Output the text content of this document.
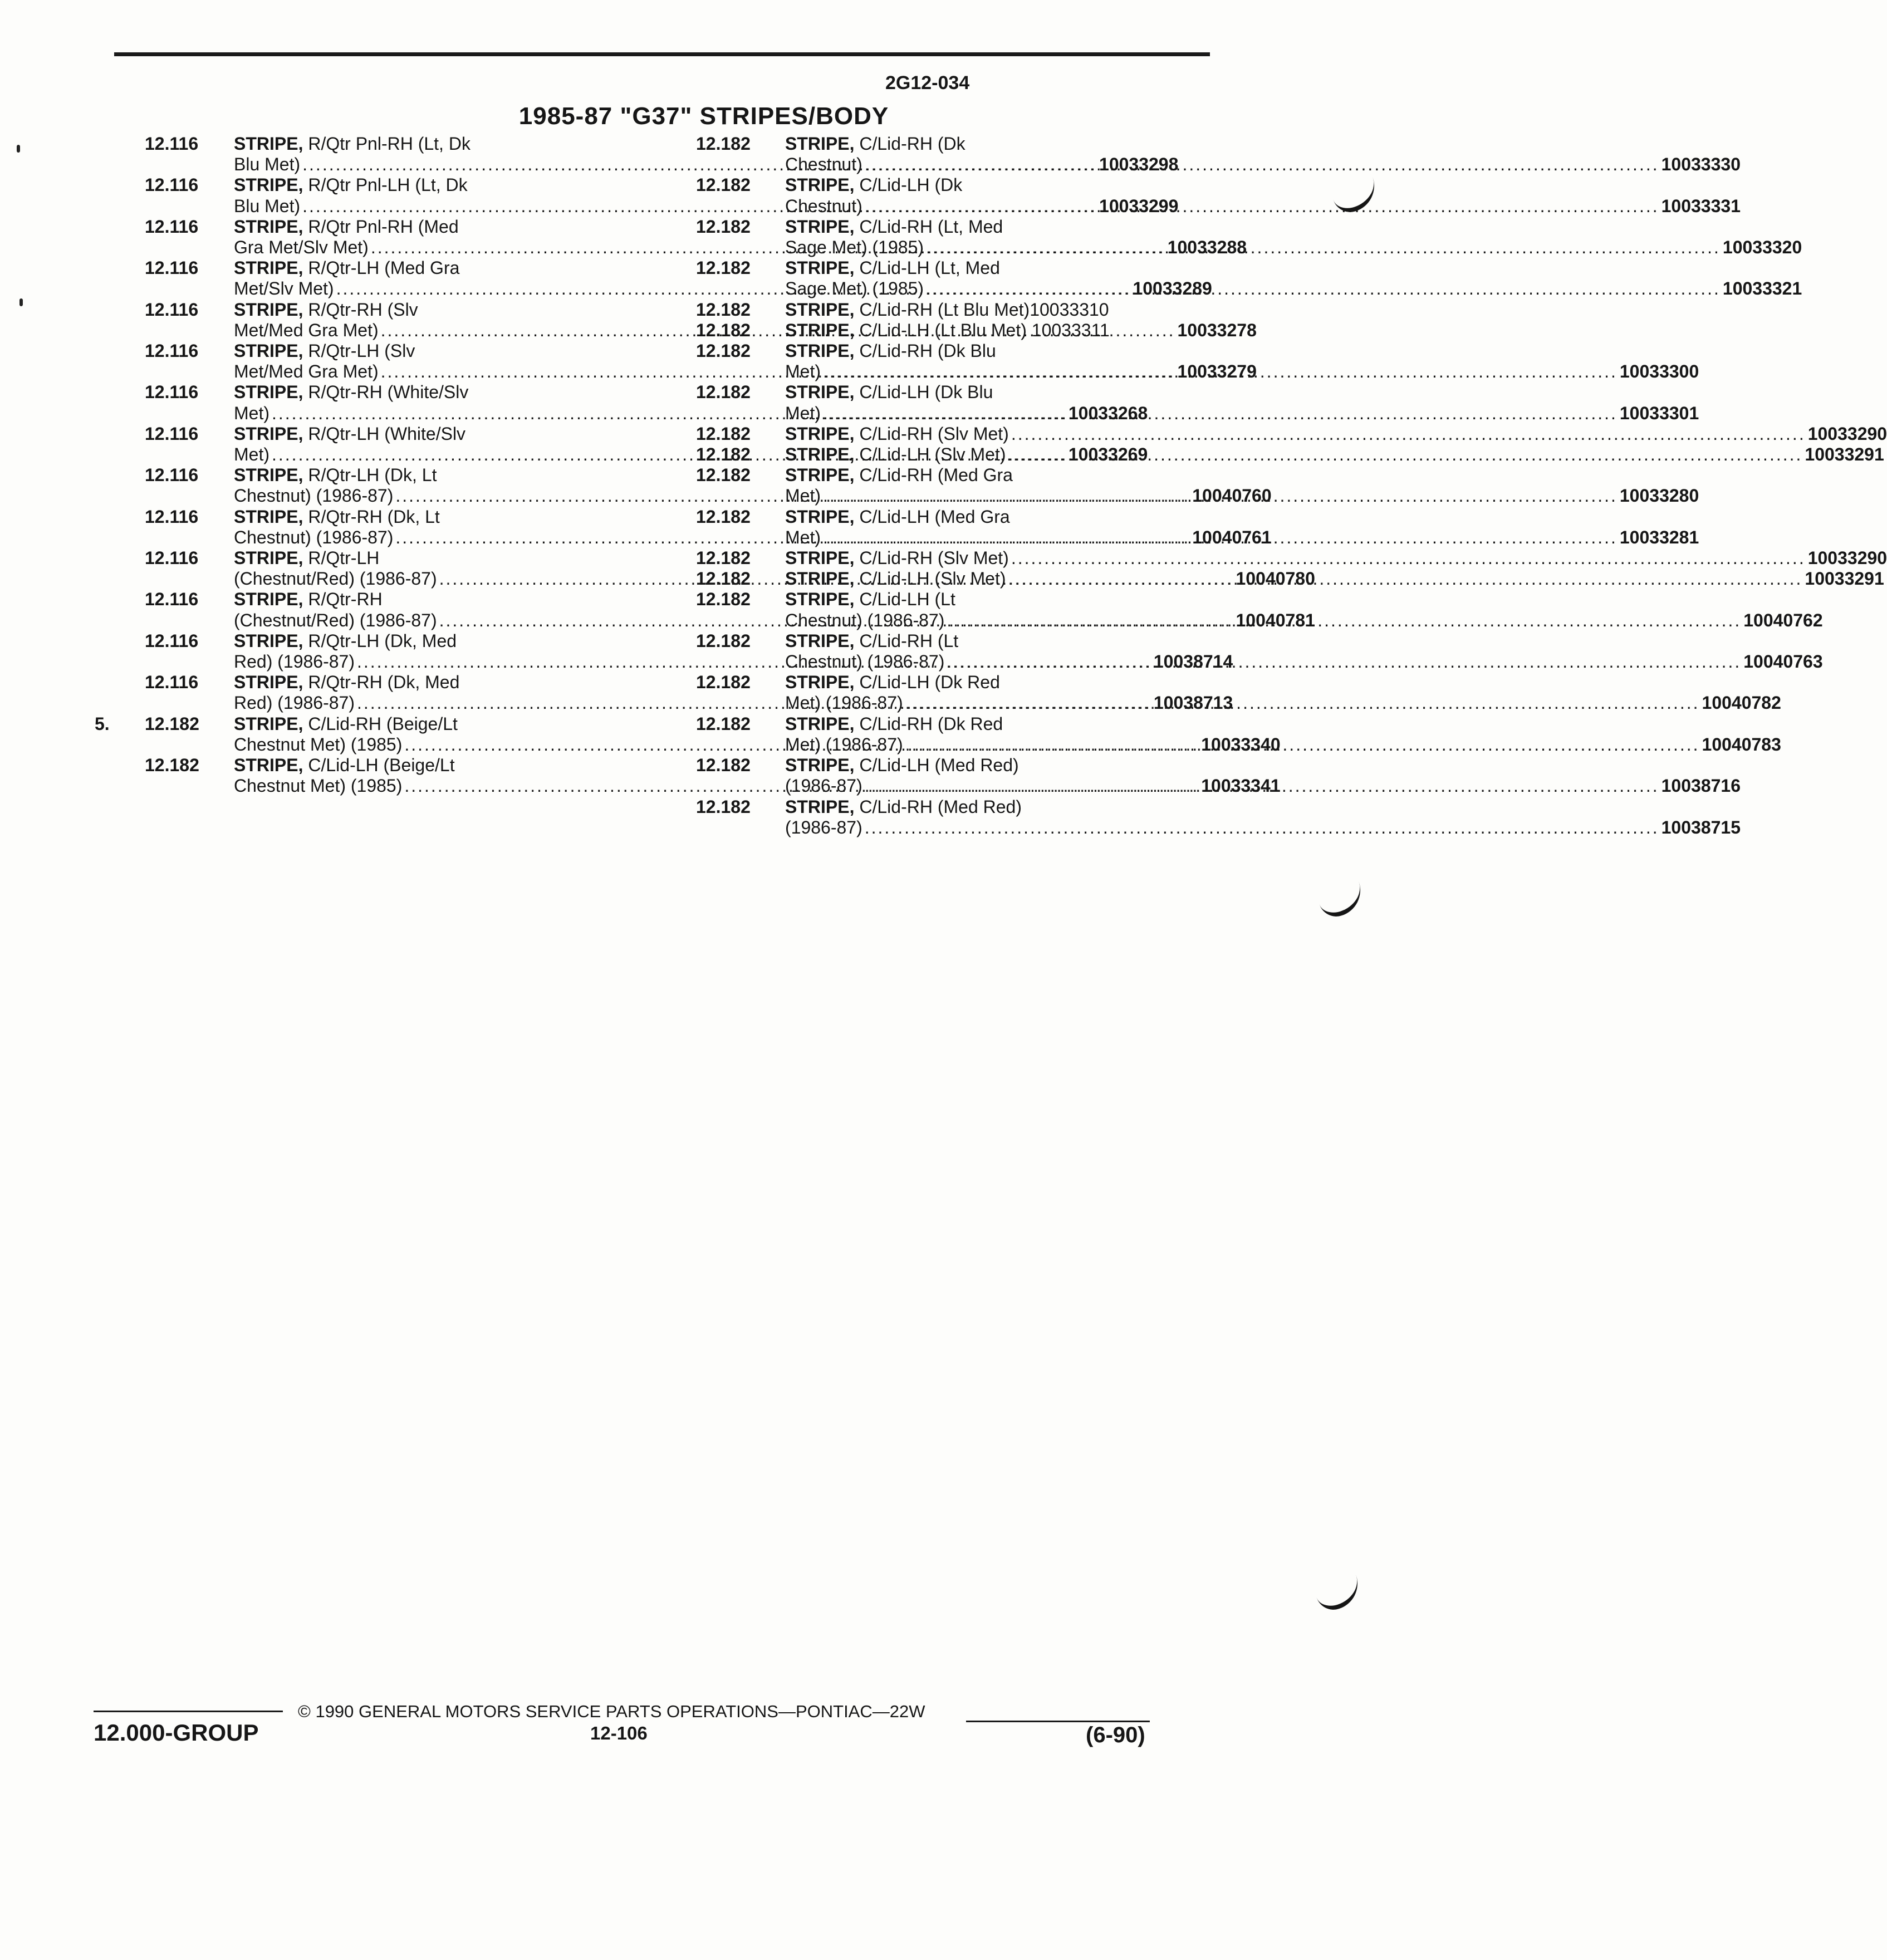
2G12-034
1985-87 "G37" STRIPES/BODY
12.116	STRIPE,
R/Qtr Pnl-RH (Lt, Dk
Blu Met) .....	10033298
12.116	STRIPE,
R/Qtr Pnl-LH (Lt, Dk
Blu Met) .....	10033299
12.116	STRIPE,
R/Qtr Pnl-RH (Med
Gra Met/Slv Met) .....	10033288
12.116	STRIPE,
R/Qtr-LH (Med Gra
Met/Slv Met) .....	10033289
12.116	STRIPE,
R/Qtr-RH (Slv
Met/Med Gra Met) .....	10033278
12.116	STRIPE,
R/Qtr-LH (Slv
Met/Med Gra Met) .....	10033279
12.116	STRIPE,
R/Qtr-RH (White/Slv
Met) .....	10033268
12.116	STRIPE,
R/Qtr-LH (White/Slv
Met) .....	10033269
12.116	STRIPE,
R/Qtr-LH (Dk, Lt
Chestnut) (1986-87) .....	10040760
12.116	STRIPE,
R/Qtr-RH (Dk, Lt
Chestnut) (1986-87) .....	10040761
12.116	STRIPE,
R/Qtr-LH
(Chestnut/Red) (1986-87) .....	10040780
12.116	STRIPE,
R/Qtr-RH
(Chestnut/Red) (1986-87) .....	10040781
12.116	STRIPE,
R/Qtr-LH (Dk, Med
Red) (1986-87) .....	10038714
12.116	STRIPE,
R/Qtr-RH (Dk, Med
Red) (1986-87) .....	10038713
5.	12.182	STRIPE,
C/Lid-RH (Beige/Lt
Chestnut Met) (1985) .....	10033340
12.182	STRIPE,
C/Lid-LH (Beige/Lt
Chestnut Met) (1985) .....	10033341
12.182	STRIPE,
C/Lid-RH (Dk
Chestnut) .....	10033330
12.182	STRIPE,
C/Lid-LH (Dk
Chestnut) .....	10033331
12.182	STRIPE,
C/Lid-RH (Lt, Med
Sage Met) (1985) .....	10033320
12.182	STRIPE,
C/Lid-LH (Lt, Med
Sage Met) (1985) .....	10033321
12.182	STRIPE,
C/Lid-RH (Lt Blu Met)10033310
12.182	STRIPE,
C/Lid-LH (Lt Blu Met) 10033311
12.182	STRIPE,
C/Lid-RH (Dk Blu
Met) .....	10033300
12.182	STRIPE,
C/Lid-LH (Dk Blu
Met) .....	10033301
12.182	STRIPE,
C/Lid-RH (Slv Met) .....	10033290
12.182	STRIPE,
C/Lid-LH (Slv Met) .....	10033291
12.182	STRIPE,
C/Lid-RH (Med Gra
Met) .....	10033280
12.182	STRIPE,
C/Lid-LH (Med Gra
Met) .....	10033281
12.182	STRIPE,
C/Lid-RH (Slv Met) .....	10033290
12.182	STRIPE,
C/Lid-LH (Slv Met) .....	10033291
12.182	STRIPE,
C/Lid-LH (Lt
Chestnut) (1986-87) .....	10040762
12.182	STRIPE,
C/Lid-RH (Lt
Chestnut) (1986-87) .....	10040763
12.182	STRIPE,
C/Lid-LH (Dk Red
Met) (1986-87) .....	10040782
12.182	STRIPE,
C/Lid-RH (Dk Red
Met) (1986-87) .....	10040783
12.182	STRIPE,
C/Lid-LH (Med Red)
(1986-87) .....	10038716
12.182	STRIPE,
C/Lid-RH (Med Red)
(1986-87) .....	10038715
12.000-GROUP
© 1990 GENERAL MOTORS SERVICE PARTS OPERATIONS—PONTIAC—22W
12-106	(6-90)
